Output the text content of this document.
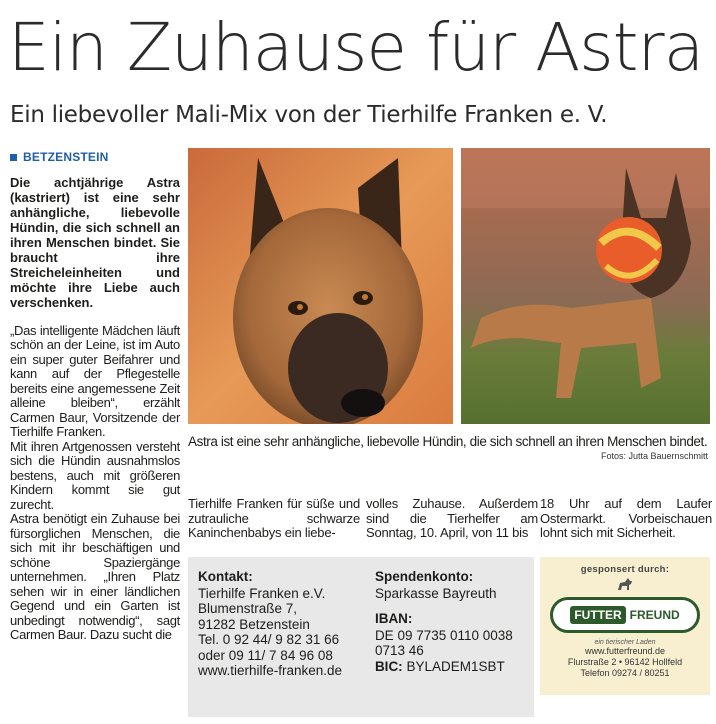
Ein Zuhause für Astra
Ein liebevoller Mali-Mix von der Tierhilfe Franken e. V.
BETZENSTEIN

Die achtjährige Astra (kastriert) ist eine sehr anhängliche, liebevolle Hündin, die sich schnell an ihren Menschen bindet. Sie braucht ihre Streicheleinheiten und möchte ihre Liebe auch verschenken.

„Das intelligente Mädchen läuft schön an der Leine, ist im Auto ein super guter Beifahrer und kann auf der Pflegestelle bereits eine angemessene Zeit alleine bleiben“, erzählt Carmen Baur, Vorsitzende der Tierhilfe Franken.

Mit ihren Artgenossen versteht sich die Hündin ausnahmslos bestens, auch mit größeren Kindern kommt sie gut zurecht.

Astra benötigt ein Zuhause bei fürsorglichen Menschen, die sich mit ihr beschäftigen und schöne Spaziergänge unternehmen. „Ihren Platz sehen wir in einer ländlichen Gegend und ein Garten ist unbedingt notwendig“, sagt Carmen Baur. Dazu sucht die

Astra ist eine sehr anhängliche, liebevolle Hündin, die sich schnell an ihren Menschen bindet.
Fotos: Jutta Bauernschmitt
Tierhilfe Franken für süße und zutrauliche schwarze Kaninchenbabys ein liebe-
volles Zuhause. Außerdem sind die Tierhelfer am Sonntag, 10. April, von 11 bis
18 Uhr auf dem Laufer Ostermarkt. Vorbeischauen lohnt sich mit Sicherheit.
Kontakt:
Tierhilfe Franken e.V.
Blumenstraße 7,
91282 Betzenstein
Tel. 0 92 44/ 9 82 31 66
oder 09 11/ 7 84 96 08
www.tierhilfe-franken.de
Spendenkonto:
Sparkasse Bayreuth
IBAN:
DE 09 7735 0110 0038 0713 46
BIC: BYLADEM1SBT
gesponsert durch:
FUTTER FREUND
ein tierischer Laden
www.futterfreund.de
Flurstraße 2 • 96142 Hollfeld
Telefon 09274 / 80251
